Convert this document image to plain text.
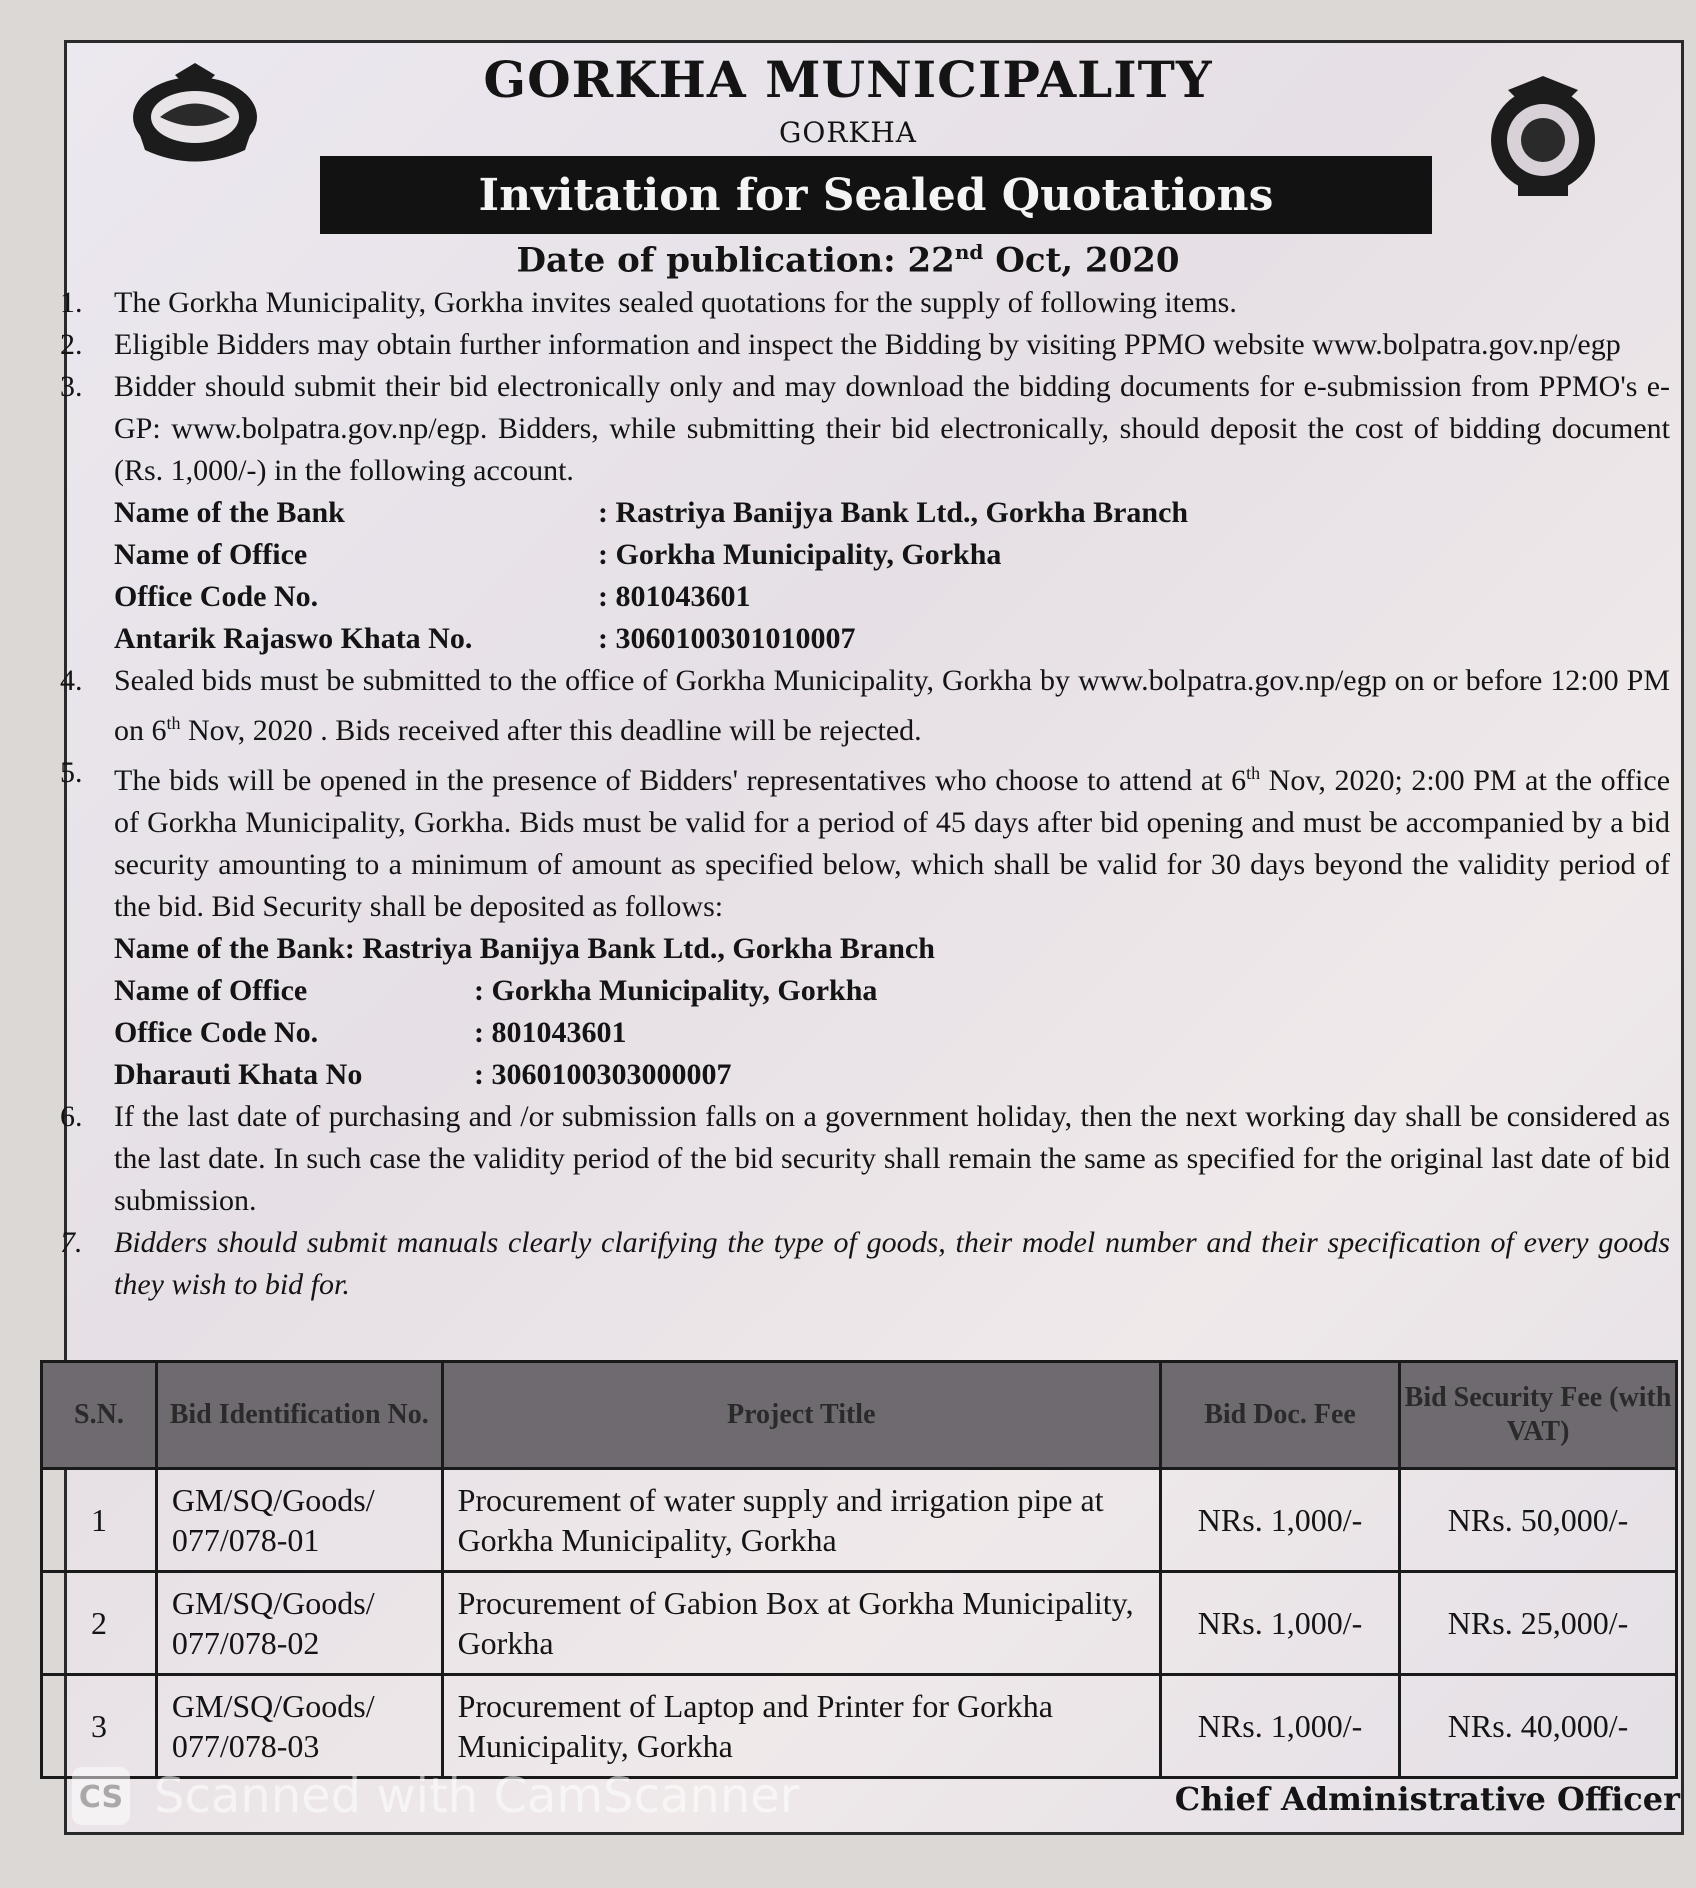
GORKHA MUNICIPALITY
GORKHA
Invitation for Sealed Quotations
Date of publication: 22nd Oct, 2020
1.	The Gorkha Municipality, Gorkha invites sealed quotations for the supply of following items.
2.	Eligible Bidders may obtain further information and inspect the Bidding by visiting PPMO website www.bolpatra.gov.np/egp
3.	Bidder should submit their bid electronically only and may download the bidding documents for e-submission from PPMO's e-GP: www.bolpatra.gov.np/egp. Bidders, while submitting their bid electronically, should deposit the cost of bidding document (Rs. 1,000/-) in the following account.
Name of the Bank	: Rastriya Banijya Bank Ltd., Gorkha Branch
Name of Office	: Gorkha Municipality, Gorkha
Office Code No.	: 801043601
Antarik Rajaswo Khata No.	: 3060100301010007
4.	Sealed bids must be submitted to the office of Gorkha Municipality, Gorkha by www.bolpatra.gov.np/egp on or before 12:00 PM on 6th Nov, 2020 . Bids received after this deadline will be rejected.
5.	The bids will be opened in the presence of Bidders' representatives who choose to attend at 6th Nov, 2020; 2:00 PM at the office of Gorkha Municipality, Gorkha. Bids must be valid for a period of 45 days after bid opening and must be accompanied by a bid security amounting to a minimum of amount as specified below, which shall be valid for 30 days beyond the validity period of the bid. Bid Security shall be deposited as follows:
Name of the Bank: Rastriya Banijya Bank Ltd., Gorkha Branch
Name of Office	: Gorkha Municipality, Gorkha
Office Code No.	: 801043601
Dharauti Khata No	: 3060100303000007
6.	If the last date of purchasing and /or submission falls on a government holiday, then the next working day shall be considered as the last date. In such case the validity period of the bid security shall remain the same as specified for the original last date of bid submission.
7.	Bidders should submit manuals clearly clarifying the type of goods, their model number and their specification of every goods they wish to bid for.
S.N.	Bid Identification No.	Project Title	Bid Doc. Fee	Bid Security Fee (with VAT)
1	GM/SQ/Goods/ 077/078-01	Procurement of water supply and irrigation pipe at Gorkha Municipality, Gorkha	NRs. 1,000/-	NRs. 50,000/-
2	GM/SQ/Goods/ 077/078-02	Procurement of Gabion Box at Gorkha Municipality, Gorkha	NRs. 1,000/-	NRs. 25,000/-
3	GM/SQ/Goods/ 077/078-03	Procurement of Laptop and Printer for Gorkha Municipality, Gorkha	NRs. 1,000/-	NRs. 40,000/-
CS Scanned with CamScanner	Chief Administrative Officer
